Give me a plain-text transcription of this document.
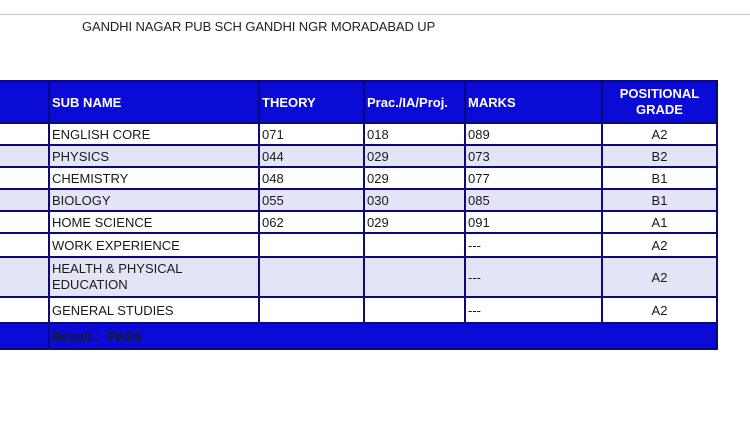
GANDHI NAGAR PUB SCH GANDHI NGR MORADABAD UP
	SUB NAME	THEORY	Prac./IA/Proj.	MARKS	POSITIONAL
GRADE
	ENGLISH CORE	071	018	089	A2
	PHYSICS	044	029	073	B2
	CHEMISTRY	048	029	077	B1
	BIOLOGY	055	030	085	B1
	HOME SCIENCE	062	029	091	A1
	WORK EXPERIENCE			---	A2
	HEALTH & PHYSICAL EDUCATION			---	A2
	GENERAL STUDIES			---	A2
	Result : PASS				
